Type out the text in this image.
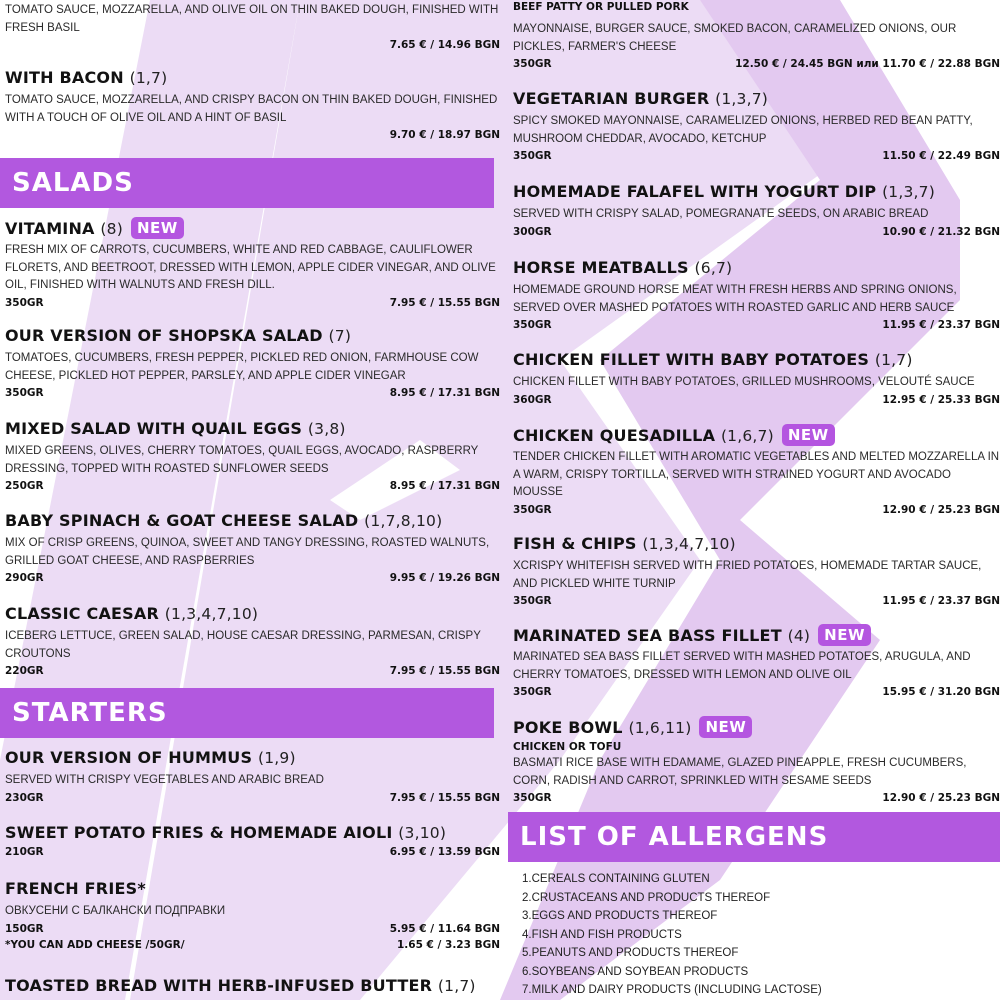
TOMATO SAUCE, MOZZARELLA, AND OLIVE OIL ON THIN BAKED DOUGH, FINISHED WITH FRESH BASIL
7.65 € / 14.96 BGN
WITH BACON (1,7)
TOMATO SAUCE, MOZZARELLA, AND CRISPY BACON ON THIN BAKED DOUGH, FINISHED WITH A TOUCH OF OLIVE OIL AND A HINT OF BASIL
9.70 € / 18.97 BGN
SALADS
VITAMINA (8) NEW
FRESH MIX OF CARROTS, CUCUMBERS, WHITE AND RED CABBAGE, CAULIFLOWER FLORETS, AND BEETROOT, DRESSED WITH LEMON, APPLE CIDER VINEGAR, AND OLIVE OIL, FINISHED WITH WALNUTS AND FRESH DILL.
350GR	7.95 € / 15.55 BGN
OUR VERSION OF SHOPSKA SALAD (7)
TOMATOES, CUCUMBERS, FRESH PEPPER, PICKLED RED ONION, FARMHOUSE COW CHEESE, PICKLED HOT PEPPER, PARSLEY, AND APPLE CIDER VINEGAR
350GR	8.95 € / 17.31 BGN
MIXED SALAD WITH QUAIL EGGS (3,8)
MIXED GREENS, OLIVES, CHERRY TOMATOES, QUAIL EGGS, AVOCADO, RASPBERRY DRESSING, TOPPED WITH ROASTED SUNFLOWER SEEDS
250GR	8.95 € / 17.31 BGN
BABY SPINACH & GOAT CHEESE SALAD (1,7,8,10)
MIX OF CRISP GREENS, QUINOA, SWEET AND TANGY DRESSING, ROASTED WALNUTS, GRILLED GOAT CHEESE, AND RASPBERRIES
290GR	9.95 € / 19.26 BGN
CLASSIC CAESAR (1,3,4,7,10)
ICEBERG LETTUCE, GREEN SALAD, HOUSE CAESAR DRESSING, PARMESAN, CRISPY CROUTONS
220GR	7.95 € / 15.55 BGN
STARTERS
OUR VERSION OF HUMMUS (1,9)
SERVED WITH CRISPY VEGETABLES AND ARABIC BREAD
230GR	7.95 € / 15.55 BGN
SWEET POTATO FRIES & HOMEMADE AIOLI (3,10)
210GR	6.95 € / 13.59 BGN
FRENCH FRIES*
ОВКУСЕНИ С БАЛКАНСКИ ПОДПРАВКИ
150GR	5.95 € / 11.64 BGN
*YOU CAN ADD CHEESE /50GR/	1.65 € / 3.23 BGN
TOASTED BREAD WITH HERB-INFUSED BUTTER (1,7)
BEEF PATTY OR PULLED PORK
MAYONNAISE, BURGER SAUCE, SMOKED BACON, CARAMELIZED ONIONS, OUR PICKLES, FARMER'S CHEESE
350GR	12.50 € / 24.45 BGN или 11.70 € / 22.88 BGN
VEGETARIAN BURGER (1,3,7)
SPICY SMOKED MAYONNAISE, CARAMELIZED ONIONS, HERBED RED BEAN PATTY, MUSHROOM CHEDDAR, AVOCADO, KETCHUP
350GR	11.50 € / 22.49 BGN
HOMEMADE FALAFEL WITH YOGURT DIP (1,3,7)
SERVED WITH CRISPY SALAD, POMEGRANATE SEEDS, ON ARABIC BREAD
300GR	10.90 € / 21.32 BGN
HORSE MEATBALLS (6,7)
HOMEMADE GROUND HORSE MEAT WITH FRESH HERBS AND SPRING ONIONS, SERVED OVER MASHED POTATOES WITH ROASTED GARLIC AND HERB SAUCE
350GR	11.95 € / 23.37 BGN
CHICKEN FILLET WITH BABY POTATOES (1,7)
CHICKEN FILLET WITH BABY POTATOES, GRILLED MUSHROOMS, VELOUTÉ SAUCE
360GR	12.95 € / 25.33 BGN
CHICKEN QUESADILLA (1,6,7) NEW
TENDER CHICKEN FILLET WITH AROMATIC VEGETABLES AND MELTED MOZZARELLA IN A WARM, CRISPY TORTILLA, SERVED WITH STRAINED YOGURT AND AVOCADO MOUSSE
350GR	12.90 € / 25.23 BGN
FISH & CHIPS (1,3,4,7,10)
XCRISPY WHITEFISH SERVED WITH FRIED POTATOES, HOMEMADE TARTAR SAUCE, AND PICKLED WHITE TURNIP
350GR	11.95 € / 23.37 BGN
MARINATED SEA BASS FILLET (4) NEW
MARINATED SEA BASS FILLET SERVED WITH MASHED POTATOES, ARUGULA, AND CHERRY TOMATOES, DRESSED WITH LEMON AND OLIVE OIL
350GR	15.95 € / 31.20 BGN
POKE BOWL (1,6,11) NEW
CHICKEN OR TOFU
BASMATI RICE BASE WITH EDAMAME, GLAZED PINEAPPLE, FRESH CUCUMBERS, CORN, RADISH AND CARROT, SPRINKLED WITH SESAME SEEDS
350GR	12.90 € / 25.23 BGN
LIST OF ALLERGENS
1.CEREALS CONTAINING GLUTEN
2.CRUSTACEANS AND PRODUCTS THEREOF
3.EGGS AND PRODUCTS THEREOF
4.FISH AND FISH PRODUCTS
5.PEANUTS AND PRODUCTS THEREOF
6.SOYBEANS AND SOYBEAN PRODUCTS
7.MILK AND DAIRY PRODUCTS (INCLUDING LACTOSE)
